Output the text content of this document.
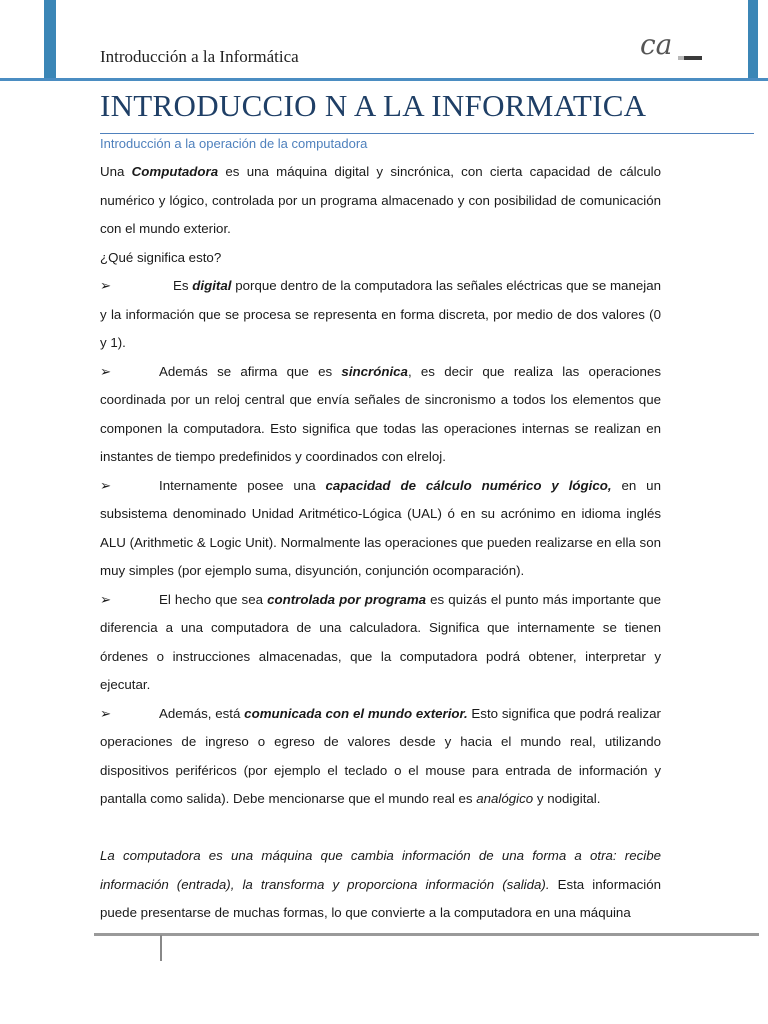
Introducción a la Informática	ca
INTRODUCCIO N A LA INFORMATICA
Introducción a la operación de la computadora

Una Computadora es una máquina digital y sincrónica, con cierta capacidad de cálculo numérico y lógico, controlada por un programa almacenado y con posibilidad de comunicación con el mundo exterior.

¿Qué significa esto?

➢	Es digital porque dentro de la computadora las señales eléctricas que se manejan y la información que se procesa se representa en forma discreta, por medio de dos valores (0 y 1).

➢	Además se afirma que es sincrónica, es decir que realiza las operaciones coordinada por un reloj central que envía señales de sincronismo a todos los elementos que componen la computadora. Esto significa que todas las operaciones internas se realizan en instantes de tiempo predefinidos y coordinados con elreloj.

➢	Internamente posee una capacidad de cálculo numérico y lógico, en un subsistema denominado Unidad Aritmético-Lógica (UAL) ó en su acrónimo en idioma inglés ALU (Arithmetic & Logic Unit). Normalmente las operaciones que pueden realizarse en ella son muy simples (por ejemplo suma, disyunción, conjunción ocomparación).

➢	El hecho que sea controlada por programa es quizás el punto más importante que diferencia a una computadora de una calculadora. Significa que internamente se tienen órdenes o instrucciones almacenadas, que la computadora podrá obtener, interpretar y ejecutar.

➢	Además, está comunicada con el mundo exterior. Esto significa que podrá realizar operaciones de ingreso o egreso de valores desde y hacia el mundo real, utilizando dispositivos periféricos (por ejemplo el teclado o el mouse para entrada de información y pantalla como salida). Debe mencionarse que el mundo real es analógico y nodigital.

La computadora es una máquina que cambia información de una forma a otra: recibe información (entrada), la transforma y proporciona información (salida). Esta información puede presentarse de muchas formas, lo que convierte a la computadora en una máquina
